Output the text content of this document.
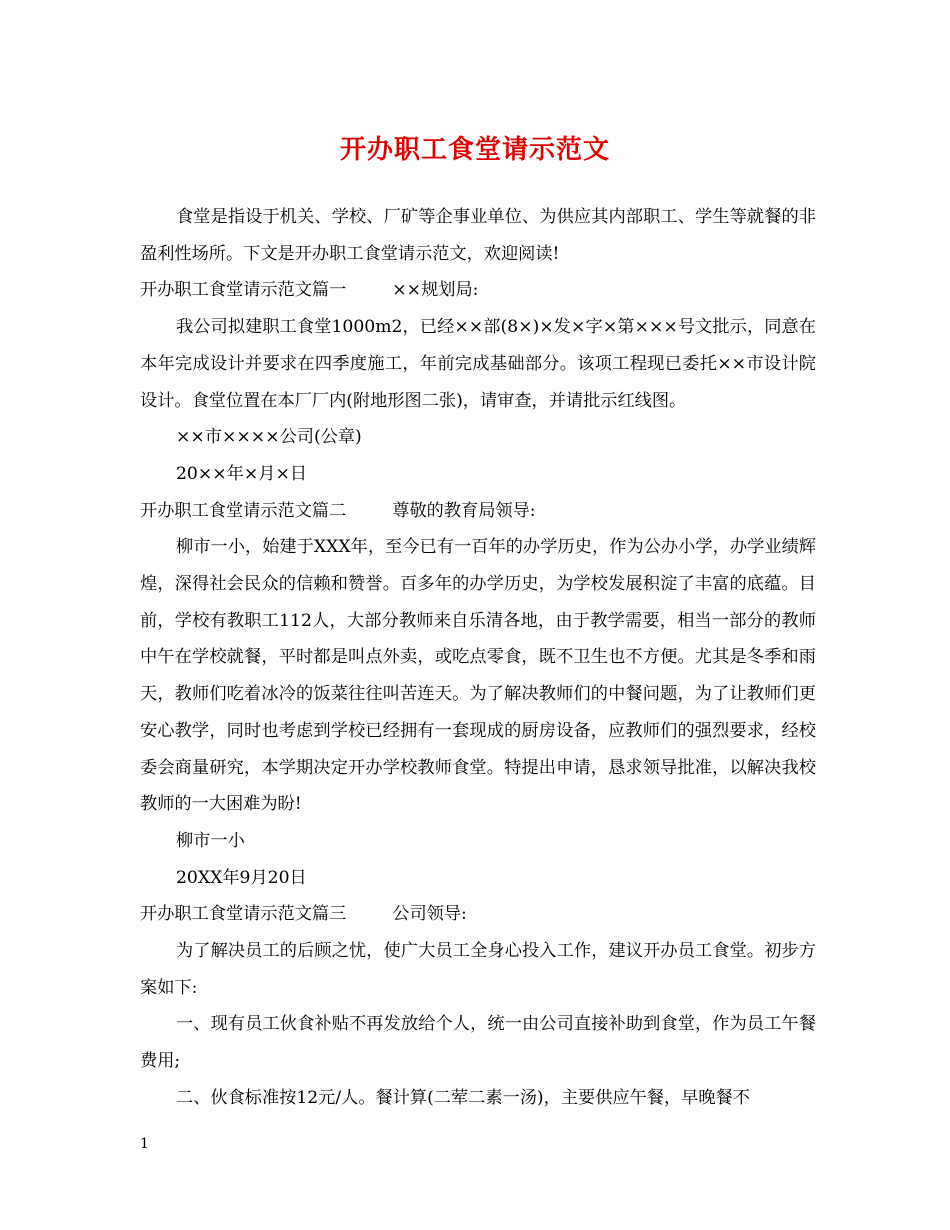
开办职工食堂请示范文

食堂是指设于机关、学校、厂矿等企事业单位、为供应其内部职工、学生等就餐的非盈利性场所。下文是开办职工食堂请示范文，欢迎阅读!

开办职工食堂请示范文篇一	××规划局:

我公司拟建职工食堂1000m2，已经××部(8×)×发×字×第×××号文批示，同意在本年完成设计并要求在四季度施工，年前完成基础部分。该项工程现已委托××市设计院设计。食堂位置在本厂厂内(附地形图二张)，请审查，并请批示红线图。

××市××××公司(公章)

20××年×月×日

开办职工食堂请示范文篇二	尊敬的教育局领导:

柳市一小，始建于XXX年，至今已有一百年的办学历史，作为公办小学，办学业绩辉煌，深得社会民众的信赖和赞誉。百多年的办学历史，为学校发展积淀了丰富的底蕴。目前，学校有教职工112人，大部分教师来自乐清各地，由于教学需要，相当一部分的教师中午在学校就餐，平时都是叫点外卖，或吃点零食，既不卫生也不方便。尤其是冬季和雨天，教师们吃着冰冷的饭菜往往叫苦连天。为了解决教师们的中餐问题，为了让教师们更安心教学，同时也考虑到学校已经拥有一套现成的厨房设备，应教师们的强烈要求，经校委会商量研究，本学期决定开办学校教师食堂。特提出申请，恳求领导批准，以解决我校教师的一大困难为盼!

柳市一小

20XX年9月20日

开办职工食堂请示范文篇三	公司领导:

为了解决员工的后顾之忧，使广大员工全身心投入工作，建议开办员工食堂。初步方案如下:

一、现有员工伙食补贴不再发放给个人，统一由公司直接补助到食堂，作为员工午餐费用;

二、伙食标准按12元/人。餐计算(二荤二素一汤)，主要供应午餐，早晚餐不

1
